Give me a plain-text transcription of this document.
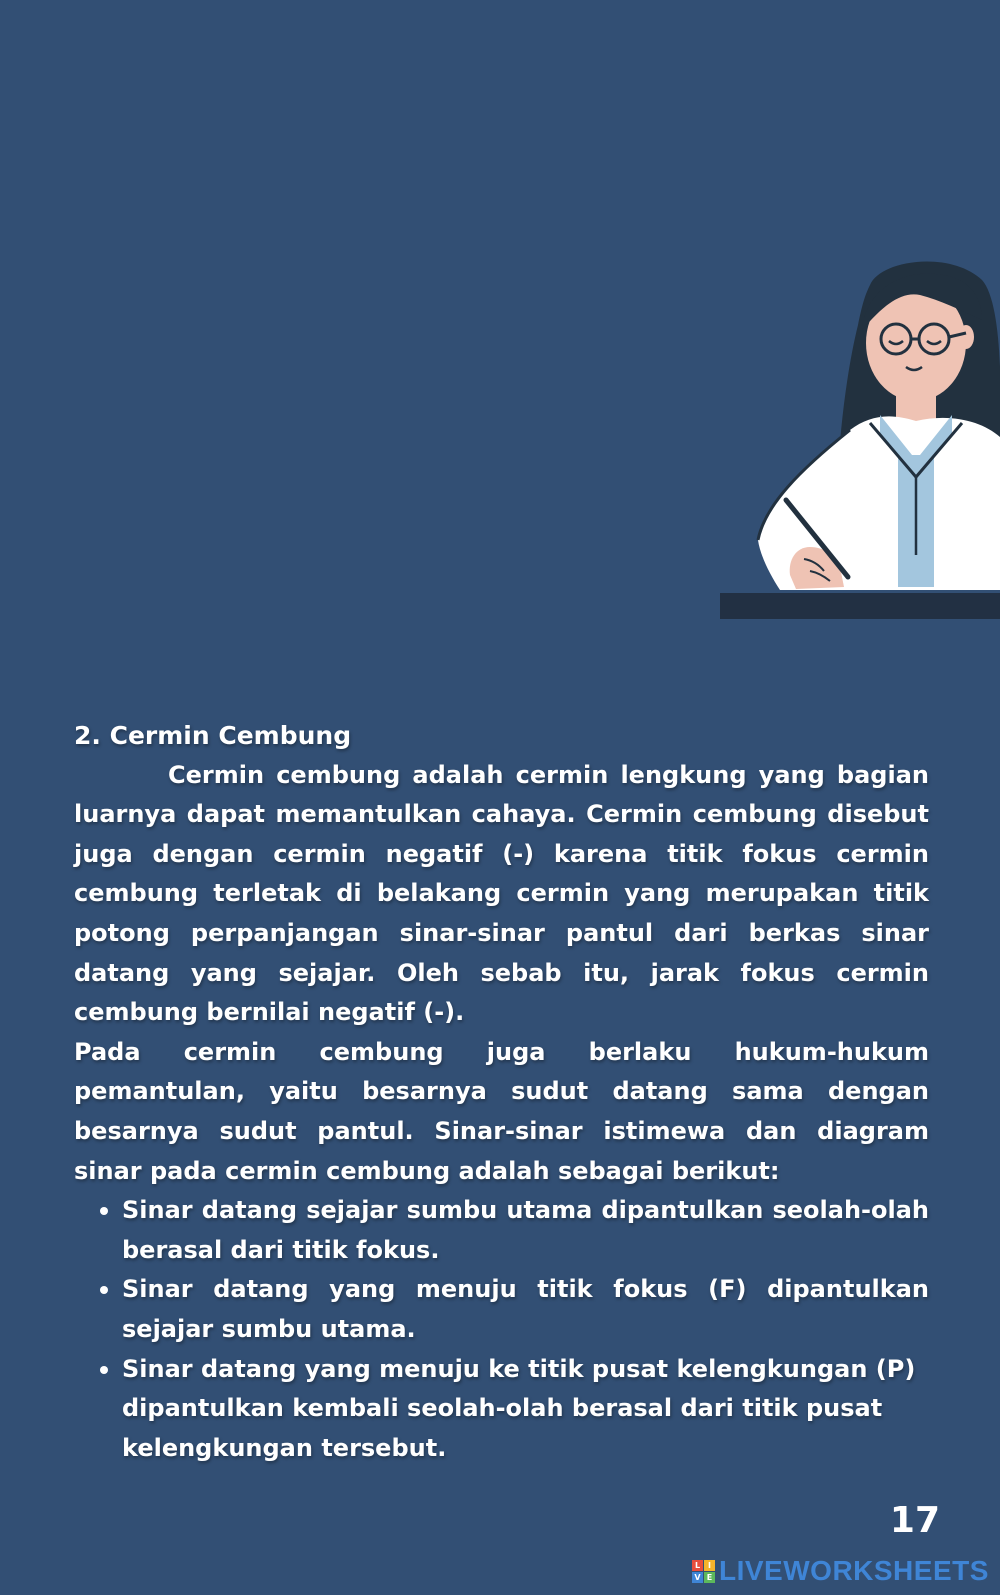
2. Cermin Cembung

Cermin cembung adalah cermin lengkung yang bagian luarnya dapat memantulkan cahaya. Cermin cembung disebut juga dengan cermin negatif (-) karena titik fokus cermin cembung terletak di belakang cermin yang merupakan titik potong perpanjangan sinar-sinar pantul dari berkas sinar datang yang sejajar. Oleh sebab itu, jarak fokus cermin cembung bernilai negatif (-).

Pada cermin cembung juga berlaku hukum-hukum pemantulan, yaitu besarnya sudut datang sama dengan besarnya sudut pantul. Sinar-sinar istimewa dan diagram sinar pada cermin cembung adalah sebagai berikut:

Sinar datang sejajar sumbu utama dipantulkan seolah-olah berasal dari titik fokus.
Sinar datang yang menuju titik fokus (F) dipantulkan sejajar sumbu utama.
Sinar datang yang menuju ke titik pusat kelengkungan (P) dipantulkan kembali seolah-olah berasal dari titik pusat kelengkungan tersebut.
17
L I
V E LIVEWORKSHEETS
